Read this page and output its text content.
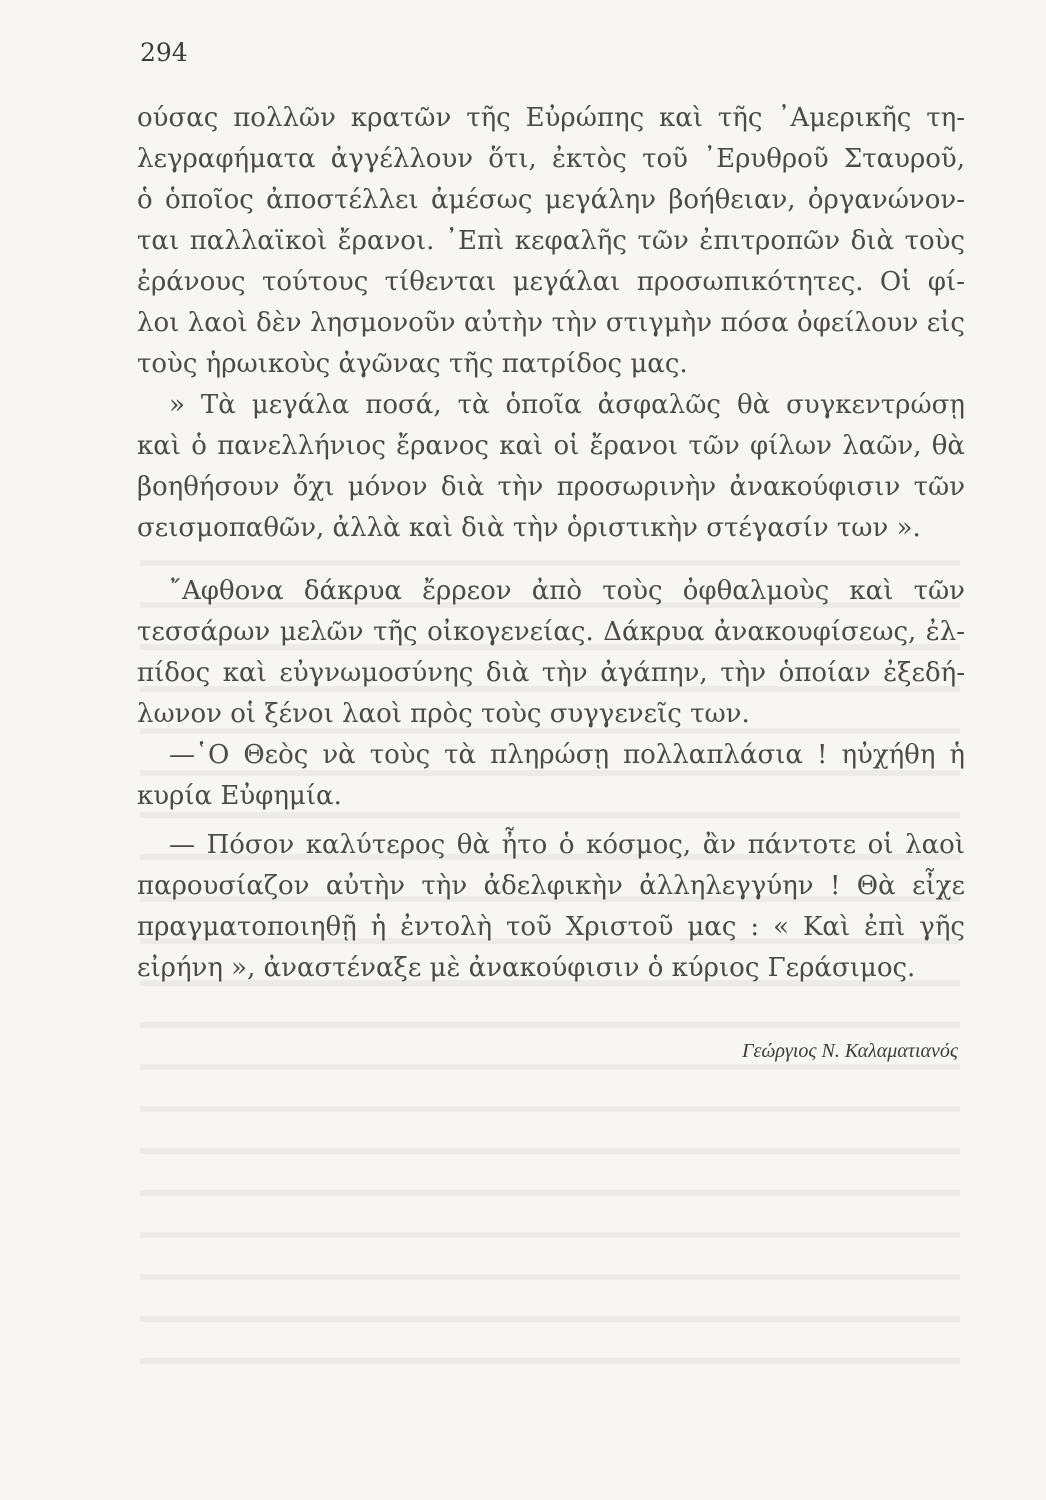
294
ούσας πολλῶν κρατῶν τῆς Εὐρώπης καὶ τῆς ᾿Αμερικῆς τη-
λεγραφήματα ἀγγέλλουν ὅτι, ἐκτὸς τοῦ ᾿Ερυθροῦ Σταυροῦ,
ὁ ὁποῖος ἀποστέλλει ἀμέσως μεγάλην βοήθειαν, ὀργανώνον-
ται παλλαϊκοὶ ἔρανοι. ᾿Επὶ κεφαλῆς τῶν ἐπιτροπῶν διὰ τοὺς
ἐράνους τούτους τίθενται μεγάλαι προσωπικότητες. Οἱ φί-
λοι λαοὶ δὲν λησμονοῦν αὐτὴν τὴν στιγμὴν πόσα ὀφείλουν εἰς
τοὺς ἡρωικοὺς ἀγῶνας τῆς πατρίδος μας.
» Τὰ μεγάλα ποσά, τὰ ὁποῖα ἀσφαλῶς θὰ συγκεντρώσῃ
καὶ ὁ πανελλήνιος ἔρανος καὶ οἱ ἔρανοι τῶν φίλων λαῶν, θὰ
βοηθήσουν ὄχι μόνον διὰ τὴν προσωρινὴν ἀνακούφισιν τῶν
σεισμοπαθῶν, ἀλλὰ καὶ διὰ τὴν ὁριστικὴν στέγασίν των ».
῎Αφθονα δάκρυα ἔρρεον ἀπὸ τοὺς ὀφθαλμοὺς καὶ τῶν
τεσσάρων μελῶν τῆς οἰκογενείας. Δάκρυα ἀνακουφίσεως, ἐλ-
πίδος καὶ εὐγνωμοσύνης διὰ τὴν ἀγάπην, τὴν ὁποίαν ἐξεδή-
λωνον οἱ ξένοι λαοὶ πρὸς τοὺς συγγενεῖς των.
—῾Ο Θεὸς νὰ τοὺς τὰ πληρώσῃ πολλαπλάσια ! ηὐχήθη ἡ
κυρία Εὐφημία.
— Πόσον καλύτερος θὰ ἦτο ὁ κόσμος, ἂν πάντοτε οἱ λαοὶ
παρουσίαζον αὐτὴν τὴν ἀδελφικὴν ἀλληλεγγύην ! Θὰ εἶχε
πραγματοποιηθῇ ἡ ἐντολὴ τοῦ Χριστοῦ μας : « Καὶ ἐπὶ γῆς
εἰρήνη », ἀναστέναξε μὲ ἀνακούφισιν ὁ κύριος Γεράσιμος.
Γεώργιος Ν. Καλαματιανός
